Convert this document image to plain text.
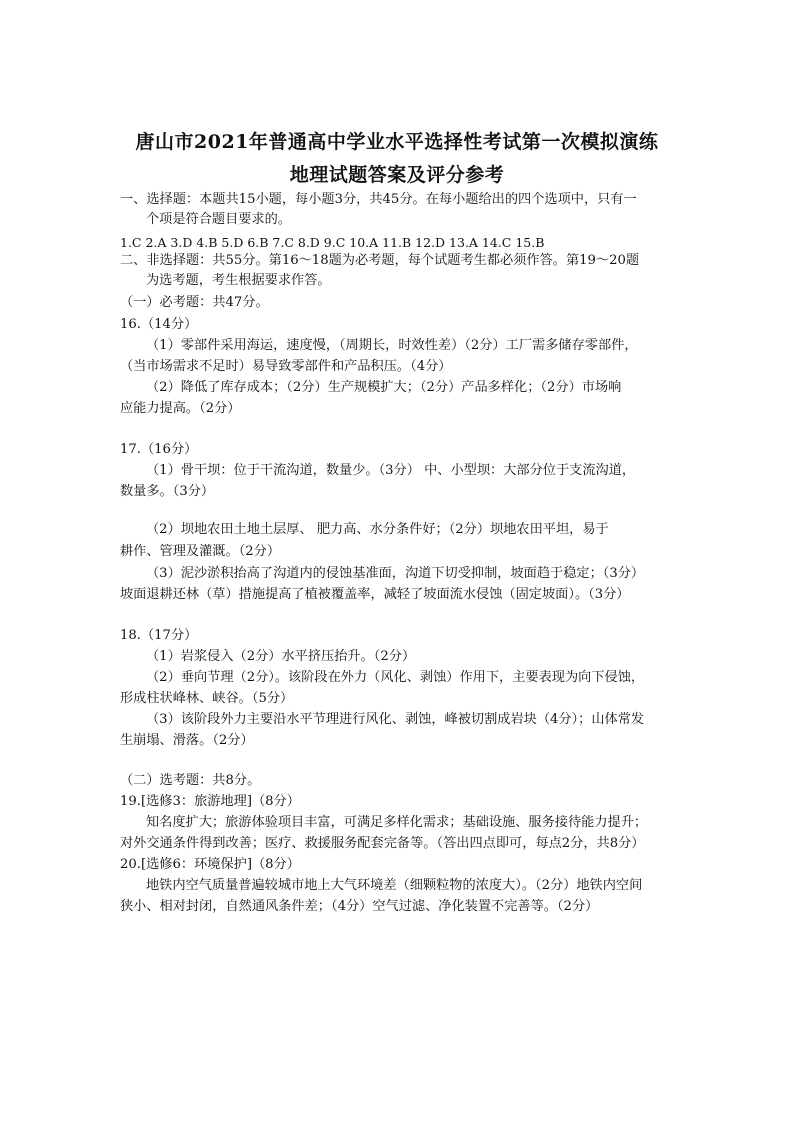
唐山市2021年普通高中学业水平选择性考试第一次模拟演练
地理试题答案及评分参考
一、选择题：本题共15小题，每小题3分，共45分。在每小题给出的四个选项中，只有一
个项是符合题目要求的。
1.C 2.A 3.D 4.B 5.D 6.B 7.C 8.D 9.C 10.A 11.B 12.D 13.A 14.C 15.B
二、非选择题：共55分。第16～18题为必考题，每个试题考生都必须作答。第19～20题
为选考题，考生根据要求作答。
（一）必考题：共47分。
16.（14分）
（1）零部件采用海运，速度慢，（周期长，时效性差）（2分）工厂需多储存零部件，
（当市场需求不足时）易导致零部件和产品积压。（4分）
（2）降低了库存成本；（2分）生产规模扩大；（2分）产品多样化；（2分）市场响
应能力提高。（2分）
17.（16分）
（1）骨干坝：位于干流沟道，数量少。（3分） 中、小型坝：大部分位于支流沟道，
数量多。（3分）
（2）坝地农田土地土层厚、 肥力高、水分条件好；（2分）坝地农田平坦，易于
耕作、管理及灌溉。（2分）
（3）泥沙淤积抬高了沟道内的侵蚀基准面，沟道下切受抑制，坡面趋于稳定；（3分）
坡面退耕还林（草）措施提高了植被覆盖率，减轻了坡面流水侵蚀（固定坡面）。（3分）
18.（17分）
（1）岩浆侵入（2分）水平挤压抬升。（2分）
（2）垂向节理（2分）。该阶段在外力（风化、剥蚀）作用下，主要表现为向下侵蚀，
形成柱状峰林、峡谷。（5分）
（3）该阶段外力主要沿水平节理进行风化、剥蚀，峰被切割成岩块（4分）；山体常发
生崩塌、滑落。（2分）
（二）选考题：共8分。
19.[选修3：旅游地理]（8分）
知名度扩大；旅游体验项目丰富，可满足多样化需求；基础设施、服务接待能力提升；
对外交通条件得到改善；医疗、救援服务配套完备等。（答出四点即可，每点2分，共8分）
20.[选修6：环境保护]（8分）
地铁内空气质量普遍较城市地上大气环境差（细颗粒物的浓度大）。（2分）地铁内空间
狭小、相对封闭，自然通风条件差；（4分）空气过滤、净化装置不完善等。（2分）
